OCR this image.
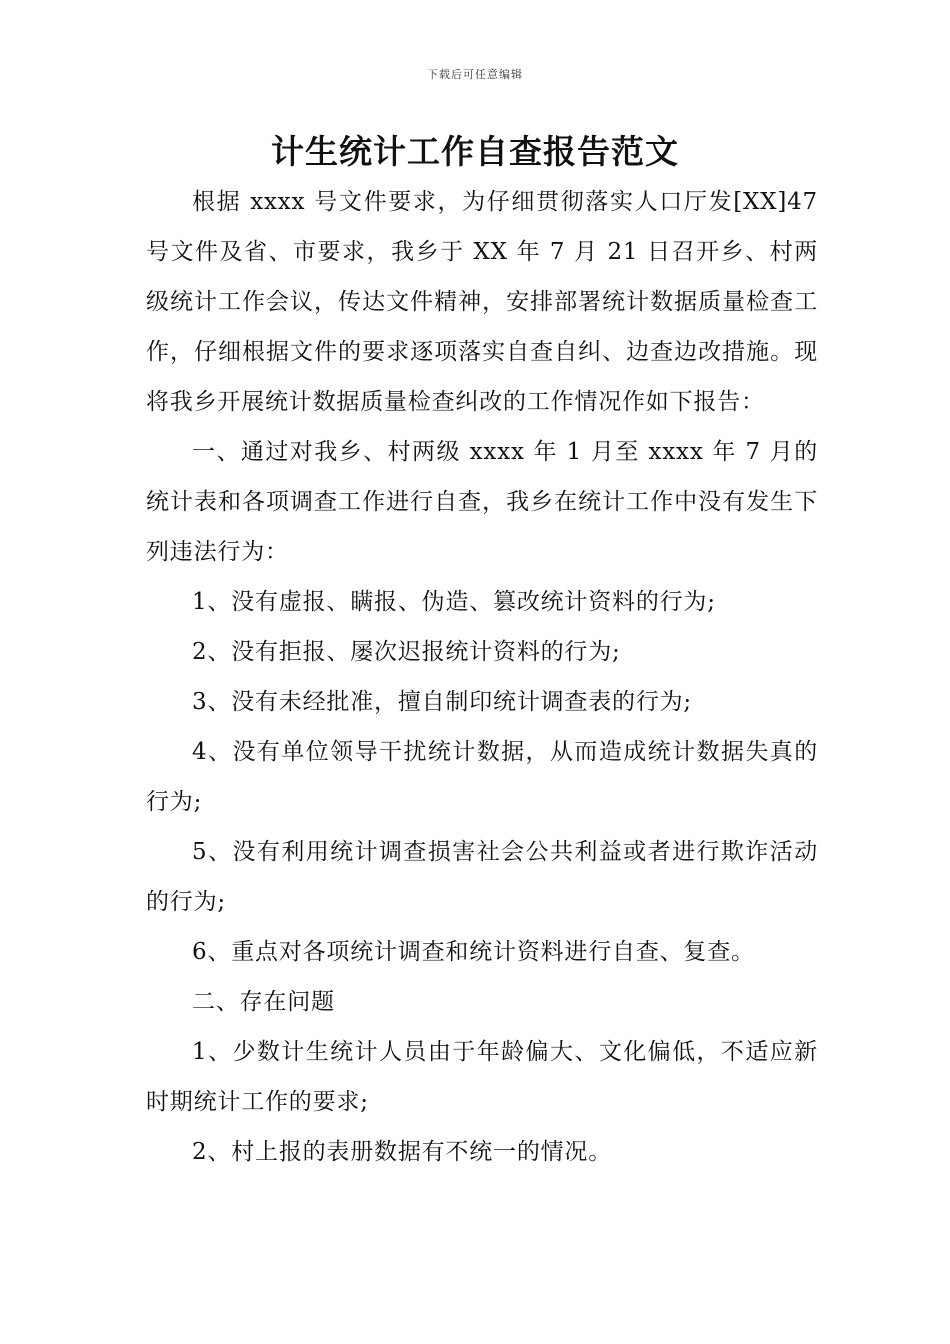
下载后可任意编辑
计生统计工作自查报告范文

根据 xxxx 号文件要求，为仔细贯彻落实人口厅发[XX]47 号文件及省、市要求，我乡于 XX 年 7 月 21 日召开乡、村两级统计工作会议，传达文件精神，安排部署统计数据质量检查工作，仔细根据文件的要求逐项落实自查自纠、边查边改措施。现将我乡开展统计数据质量检查纠改的工作情况作如下报告：

一、通过对我乡、村两级 xxxx 年 1 月至 xxxx 年 7 月的统计表和各项调查工作进行自查，我乡在统计工作中没有发生下列违法行为：

1、没有虚报、瞒报、伪造、篡改统计资料的行为;

2、没有拒报、屡次迟报统计资料的行为;

3、没有未经批准，擅自制印统计调查表的行为;

4、没有单位领导干扰统计数据，从而造成统计数据失真的行为;

5、没有利用统计调查损害社会公共利益或者进行欺诈活动的行为;

6、重点对各项统计调查和统计资料进行自查、复查。

二、存在问题

1、少数计生统计人员由于年龄偏大、文化偏低，不适应新时期统计工作的要求;

2、村上报的表册数据有不统一的情况。
